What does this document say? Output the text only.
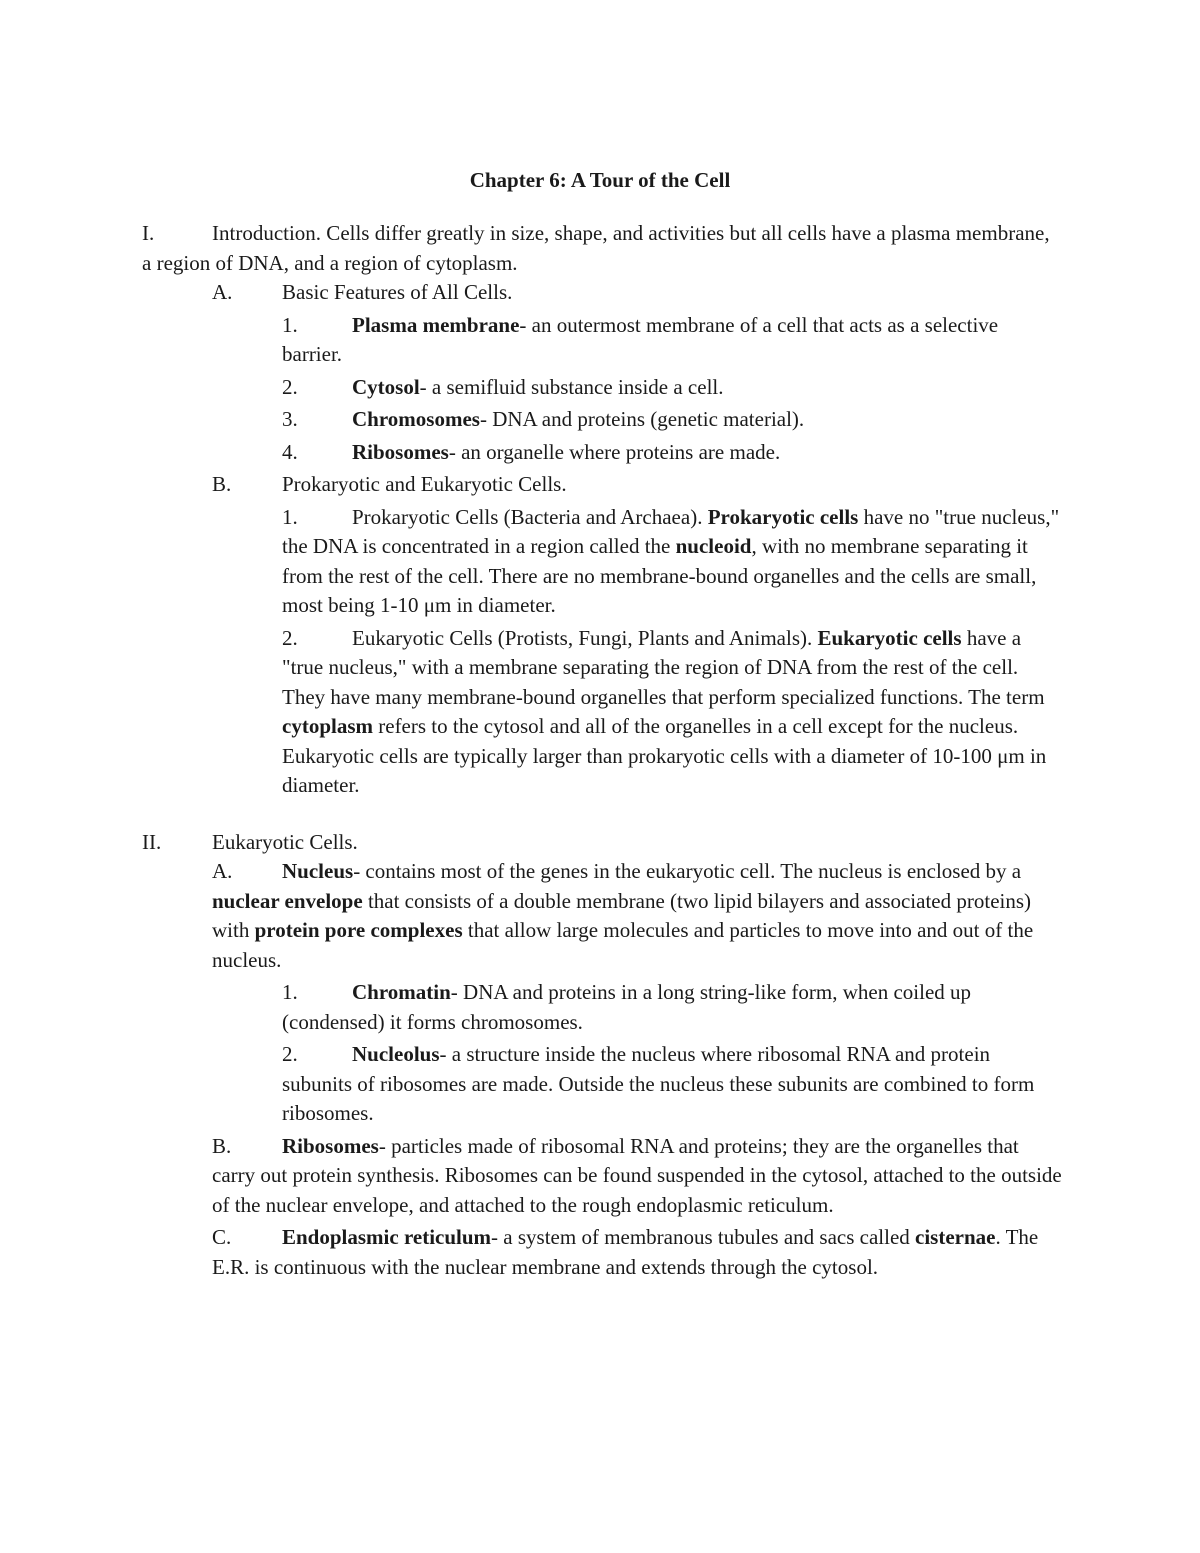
Chapter 6: A Tour of the Cell

I.	Introduction. Cells differ greatly in size, shape, and activities but all cells have a plasma membrane, a region of DNA, and a region of cytoplasm.

A. Basic Features of All Cells.

1.	Plasma membrane- an outermost membrane of a cell that acts as a selective barrier.
2.	Cytosol- a semifluid substance inside a cell.
3.	Chromosomes- DNA and proteins (genetic material).
4.	Ribosomes- an organelle where proteins are made.

B. Prokaryotic and Eukaryotic Cells.

1.	Prokaryotic Cells (Bacteria and Archaea). Prokaryotic cells have no "true nucleus," the DNA is concentrated in a region called the nucleoid, with no membrane separating it from the rest of the cell. There are no membrane-bound organelles and the cells are small, most being 1-10 μm in diameter.
2.	Eukaryotic Cells (Protists, Fungi, Plants and Animals). Eukaryotic cells have a "true nucleus," with a membrane separating the region of DNA from the rest of the cell. They have many membrane-bound organelles that perform specialized functions. The term cytoplasm refers to the cytosol and all of the organelles in a cell except for the nucleus. Eukaryotic cells are typically larger than prokaryotic cells with a diameter of 10-100 μm in diameter.

II. Eukaryotic Cells.

A. Nucleus- contains most of the genes in the eukaryotic cell. The nucleus is enclosed by a nuclear envelope that consists of a double membrane (two lipid bilayers and associated proteins) with protein pore complexes that allow large molecules and particles to move into and out of the nucleus.

1.	Chromatin- DNA and proteins in a long string-like form, when coiled up (condensed) it forms chromosomes.
2.	Nucleolus- a structure inside the nucleus where ribosomal RNA and protein subunits of ribosomes are made. Outside the nucleus these subunits are combined to form ribosomes.

B. Ribosomes- particles made of ribosomal RNA and proteins; they are the organelles that carry out protein synthesis. Ribosomes can be found suspended in the cytosol, attached to the outside of the nuclear envelope, and attached to the rough endoplasmic reticulum.

C. Endoplasmic reticulum- a system of membranous tubules and sacs called cisternae. The E.R. is continuous with the nuclear membrane and extends through the cytosol.
